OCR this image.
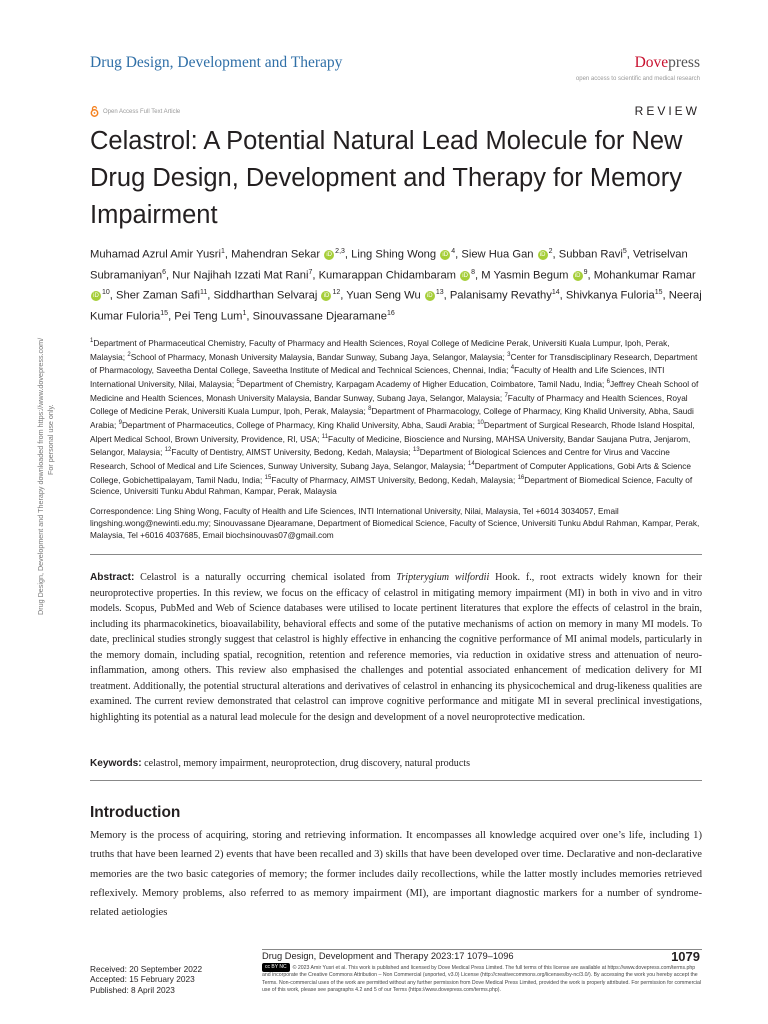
Drug Design, Development and Therapy	Dovepress
open access to scientific and medical research
Open Access Full Text Article	REVIEW
Celastrol: A Potential Natural Lead Molecule for New Drug Design, Development and Therapy for Memory Impairment
Muhamad Azrul Amir Yusri$^1$, Mahendran Sekar iD $^{2,3}$, Ling Shing Wong iD $^4$, Siew Hua Gan iD $^2$, Subban Ravi$^5$, Vetriselvan Subramaniyan$^6$, Nur Najihah Izzati Mat Rani$^7$, Kumarappan Chidambaram iD $^8$, M Yasmin Begum iD $^9$, Mohankumar Ramar iD $^{10}$, Sher Zaman Safi$^{11}$, Siddharthan Selvaraj iD $^{12}$, Yuan Seng Wu iD $^{13}$, Palanisamy Revathy$^{14}$, Shivkanya Fuloria$^{15}$, Neeraj Kumar Fuloria$^{15}$, Pei Teng Lum$^1$, Sinouvassane Djearamane$^{16}$
$^1$Department of Pharmaceutical Chemistry, Faculty of Pharmacy and Health Sciences, Royal College of Medicine Perak, Universiti Kuala Lumpur, Ipoh, Perak, Malaysia; $^2$School of Pharmacy, Monash University Malaysia, Bandar Sunway, Subang Jaya, Selangor, Malaysia; $^3$Center for Transdisciplinary Research, Department of Pharmacology, Saveetha Dental College, Saveetha Institute of Medical and Technical Sciences, Chennai, India; $^4$Faculty of Health and Life Sciences, INTI International University, Nilai, Malaysia; $^5$Department of Chemistry, Karpagam Academy of Higher Education, Coimbatore, Tamil Nadu, India; $^6$Jeffrey Cheah School of Medicine and Health Sciences, Monash University Malaysia, Bandar Sunway, Subang Jaya, Selangor, Malaysia; $^7$Faculty of Pharmacy and Health Sciences, Royal College of Medicine Perak, Universiti Kuala Lumpur, Ipoh, Perak, Malaysia; $^8$Department of Pharmacology, College of Pharmacy, King Khalid University, Abha, Saudi Arabia; $^9$Department of Pharmaceutics, College of Pharmacy, King Khalid University, Abha, Saudi Arabia; $^{10}$Department of Surgical Research, Rhode Island Hospital, Alpert Medical School, Brown University, Providence, RI, USA; $^{11}$Faculty of Medicine, Bioscience and Nursing, MAHSA University, Bandar Saujana Putra, Jenjarom, Selangor, Malaysia; $^{12}$Faculty of Dentistry, AIMST University, Bedong, Kedah, Malaysia; $^{13}$Department of Biological Sciences and Centre for Virus and Vaccine Research, School of Medical and Life Sciences, Sunway University, Subang Jaya, Selangor, Malaysia; $^{14}$Department of Computer Applications, Gobi Arts & Science College, Gobichettipalayam, Tamil Nadu, India; $^{15}$Faculty of Pharmacy, AIMST University, Bedong, Kedah, Malaysia; $^{16}$Department of Biomedical Science, Faculty of Science, Universiti Tunku Abdul Rahman, Kampar, Perak, Malaysia
Correspondence: Ling Shing Wong, Faculty of Health and Life Sciences, INTI International University, Nilai, Malaysia, Tel +6014 3034057, Email lingshing.wong@newinti.edu.my; Sinouvassane Djearamane, Department of Biomedical Science, Faculty of Science, Universiti Tunku Abdul Rahman, Kampar, Perak, Malaysia, Tel +6016 4037685, Email biochsinouvas07@gmail.com
Abstract: Celastrol is a naturally occurring chemical isolated from Tripterygium wilfordii Hook. f., root extracts widely known for their neuroprotective properties. In this review, we focus on the efficacy of celastrol in mitigating memory impairment (MI) in both in vivo and in vitro models. Scopus, PubMed and Web of Science databases were utilised to locate pertinent literatures that explore the effects of celastrol in the brain, including its pharmacokinetics, bioavailability, behavioral effects and some of the putative mechanisms of action on memory in many MI models. To date, preclinical studies strongly suggest that celastrol is highly effective in enhancing the cognitive performance of MI animal models, particularly in the memory domain, including spatial, recognition, retention and reference memories, via reduction in oxidative stress and attenuation of neuro-inflammation, among others. This review also emphasised the challenges and potential associated enhancement of medication delivery for MI treatment. Additionally, the potential structural alterations and derivatives of celastrol in enhancing its physicochemical and drug-likeness qualities are examined. The current review demonstrated that celastrol can improve cognitive performance and mitigate MI in several preclinical investigations, highlighting its potential as a natural lead molecule for the design and development of a novel neuroprotective medication.
Keywords: celastrol, memory impairment, neuroprotection, drug discovery, natural products
Introduction
Memory is the process of acquiring, storing and retrieving information. It encompasses all knowledge acquired over one’s life, including 1) truths that have been learned 2) events that have been recalled and 3) skills that have been developed over time. Declarative and non-declarative memories are the two basic categories of memory; the former includes daily recollections, while the latter mostly includes memories retrieved reflexively. Memory problems, also referred to as memory impairment (MI), are important diagnostic markers for a number of syndrome-related aetiologies
Drug Design, Development and Therapy downloaded from https://www.dovepress.com/ For personal use only.
Drug Design, Development and Therapy 2023:17 1079–1096	1079
Received: 20 September 2022
Accepted: 15 February 2023
Published: 8 April 2023
cc BY NC © 2023 Amir Yusri et al. This work is published and licensed by Dove Medical Press Limited. The full terms of this license are available at https://www.dovepress.com/terms.php and incorporate the Creative Commons Attribution – Non Commercial (unported, v3.0) License (http://creativecommons.org/licenses/by-nc/3.0/). By accessing the work you hereby accept the Terms. Non-commercial uses of the work are permitted without any further permission from Dove Medical Press Limited, provided the work is properly attributed. For permission for commercial use of this work, please see paragraphs 4.2 and 5 of our Terms (https://www.dovepress.com/terms.php).
